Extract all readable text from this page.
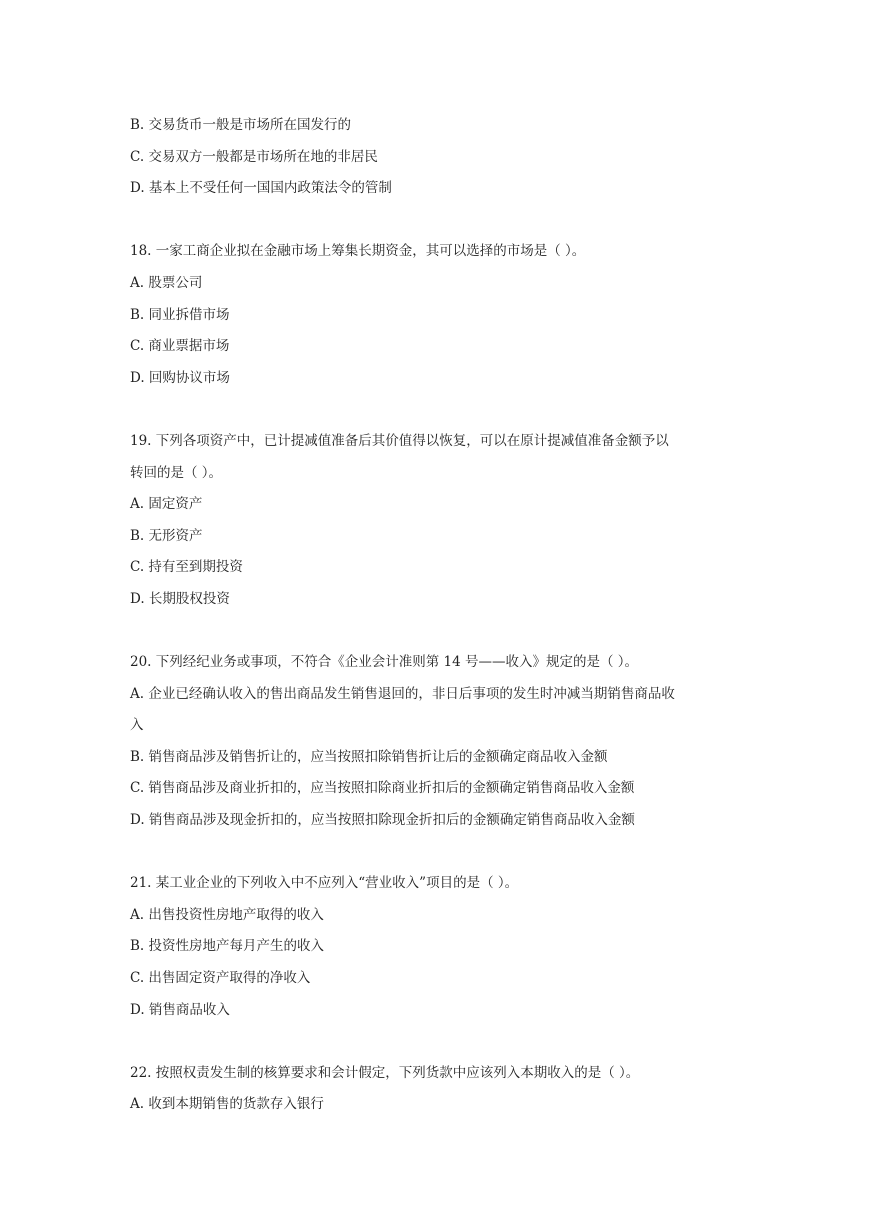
B. 交易货币一般是市场所在国发行的

C. 交易双方一般都是市场所在地的非居民

D. 基本上不受任何一国国内政策法令的管制

18. 一家工商企业拟在金融市场上筹集长期资金，其可以选择的市场是（ ）。

A. 股票公司

B. 同业拆借市场

C. 商业票据市场

D. 回购协议市场

19. 下列各项资产中，已计提减值准备后其价值得以恢复，可以在原计提减值准备金额予以

转回的是（ ）。

A. 固定资产

B. 无形资产

C. 持有至到期投资

D. 长期股权投资

20. 下列经纪业务或事项，不符合《企业会计准则第 14 号——收入》规定的是（ ）。

A. 企业已经确认收入的售出商品发生销售退回的，非日后事项的发生时冲减当期销售商品收

入

B. 销售商品涉及销售折让的，应当按照扣除销售折让后的金额确定商品收入金额

C. 销售商品涉及商业折扣的，应当按照扣除商业折扣后的金额确定销售商品收入金额

D. 销售商品涉及现金折扣的，应当按照扣除现金折扣后的金额确定销售商品收入金额

21. 某工业企业的下列收入中不应列入“营业收入”项目的是（ ）。

A. 出售投资性房地产取得的收入

B. 投资性房地产每月产生的收入

C. 出售固定资产取得的净收入

D. 销售商品收入

22. 按照权责发生制的核算要求和会计假定，下列货款中应该列入本期收入的是（ ）。

A. 收到本期销售的货款存入银行
